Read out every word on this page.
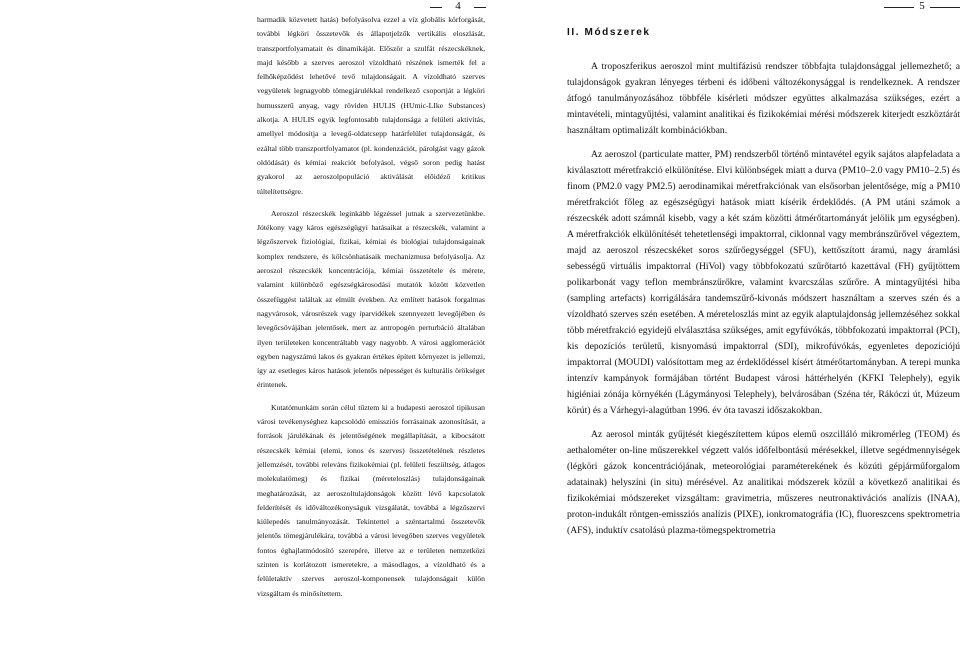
4	5

harmadik közvetett hatás) befolyásolva ezzel a víz globális körforgását, további légköri összetevők és állapotjelzők vertikális eloszlását, transzportfolyamatait és dinamikáját. Először a szulfát részecskéknek, majd később a szerves aeroszol vízoldható részének ismerték fel a felhőképződést lehetővé tevő tulajdonságait. A vízoldható szerves vegyületek legnagyobb tömegjárulékkal rendelkező csoportját a légköri humusszerű anyag, vagy röviden HULIS (HUmic-LIke Substances) alkotja. A HULIS egyik legfontosabb tulajdonsága a felületi aktivitás, amellyel módosítja a levegő-oldatcsepp határfelület tulajdonságát, és ezáltal több transzportfolyamatot (pl. kondenzációt, párolgást vagy gázok oldódását) és kémiai reakciót befolyásol, végső soron pedig hatást gyakorol az aeroszolpopuláció aktiválását előidéző kritikus túltelítettségre.

Aeroszol részecskék leginkább légzéssel jutnak a szervezetünkbe. Jótékony vagy káros egészségügyi hatásaikat a részecskék, valamint a légzőszervek fiziológiai, fizikai, kémiai és biológiai tulajdonságainak komplex rendszere, és kölcsönhatásaik mechanizmusa befolyásolja. Az aeroszol részecskék koncentrációja, kémiai összetétele és mérete, valamint különböző egészségkárosodási mutatók között közvetlen összefüggést találtak az elmúlt években. Az említett hatások forgalmas nagyvárosok, városrészek vagy iparvidékek szennyezett levegőjében és levegőcsövájában jelentősek, mert az antropogén perturbáció általában ilyen területeken koncentráltabb vagy nagyobb. A városi agglomerációt egyben nagyszámú lakos és gyakran értékes épített környezet is jellemzi, így az esetleges káros hatások jelentős népességet és kulturális örökséget érintenek.

Kutatómunkám során célul tűztem ki a budapesti aeroszol tipikusan városi tevékenységhez kapcsolódó emissziós forrásainak azonosítását, a források járulékának és jelentőségének megállapítását, a kibocsátott részecskék kémiai (elemi, ionos és szerves) összetételének részletes jellemzését, további releváns fizikokémiai (pl. felületi feszültség, átlagos molekulatömeg) és fizikai (méreteloszlás) tulajdonságainak meghatározását, az aeroszoltulajdonságok között lévő kapcsolatok felderítését és időváltozékonyságuk vizsgálatát, továbbá a légzőszervi kiülepedés tanulmányozását. Tekintettel a széntartalmú összetevők jelentős tömegjárulékára, továbbá a városi levegőben szerves vegyületek fontos éghajlatmódosító szerepére, illetve az e területen nemzetközi szinten is korlátozott ismeretekre, a másodlagos, a vízoldható és a felületaktív szerves aeroszol-komponensek tulajdonságait külön vizsgáltam és minősítettem.

II. Módszerek

A troposzferikus aeroszol mint multifázisú rendszer többfajta tulajdonsággal jellemezhető; a tulajdonságok gyakran lényeges térbeni és időbeni változékonysággal is rendelkeznek. A rendszer átfogó tanulmányozásához többféle kísérleti módszer együttes alkalmazása szükséges, ezért a mintavételi, mintagyűjtési, valamint analitikai és fizikokémiai mérési módszerek kiterjedt eszköztárát használtam optimalizált kombinációkban.

Az aeroszol (particulate matter, PM) rendszerből történő mintavétel egyik sajátos alapfeladata a kiválasztott méretfrakció elkülönítése. Elvi különbségek miatt a durva (PM10–2.0 vagy PM10–2.5) és finom (PM2.0 vagy PM2.5) aerodinamikai méretfrakciónak van elsősorban jelentősége, míg a PM10 méretfrakciót főleg az egészségügyi hatások miatt kísérik érdeklődés. (A PM utáni számok a részecskék adott számnál kisebb, vagy a két szám közötti átmérőtartományát jelölik µm egységben). A méretfrakciók elkülönítését tehetetlenségi impaktorral, ciklonnal vagy membránszűrővel végeztem, majd az aeroszol részecskéket soros szűrőegységgel (SFU), kettőszított áramú, nagy áramlási sebességű virtuális impaktorral (HiVol) vagy többfokozatú szűrőtartó kazettával (FH) gyűjtöttem polikarbonát vagy teflon membránszűrőkre, valamint kvarcszálas szűrőre. A mintagyűjtési hiba (sampling artefacts) korrigálására tandemszűrő-kivonás módszert használtam a szerves szén és a vízoldható szerves szén esetében. A méreteloszlás mint az egyik alaptulajdonság jellemzéséhez sokkal több méretfrakció egyidejű elválasztása szükséges, amit egyfúvókás, többfokozatú impaktorral (PCI), kis depozíciós területű, kisnyomású impaktorral (SDI), mikrofúvókás, egyenletes depozíciójú impaktorral (MOUDI) valósítottam meg az érdeklődéssel kísért átmérőtartományban. A terepi munka intenzív kampányok formájában történt Budapest városi háttérhelyén (KFKI Telephely), egyik higiéniai zónája környékén (Lágymányosi Telephely), belvárosában (Széna tér, Rákóczi út, Múzeum körút) és a Várhegyi-alagútban 1996. év óta tavaszi időszakokban.

Az aerosol minták gyűjtését kiegészítettem kúpos elemű oszcilláló mikromérleg (TEOM) és aethalométer on-line műszerekkel végzett valós időfelbontású mérésekkel, illetve segédmennyiségek (légköri gázok koncentrációjának, meteorológiai paraméterekének és közúti gépjárműforgalom adatainak) helyszíni (in situ) mérésével. Az analitikai módszerek közül a következő analitikai és fizikokémiai módszereket vizsgáltam: gravimetria, műszeres neutronaktivációs analízis (INAA), proton-indukált röntgen-emissziós analízis (PIXE), ionkromatográfia (IC), fluoreszcens spektrometria (AFS), induktív csatolású plazma-tömegspektrometria
